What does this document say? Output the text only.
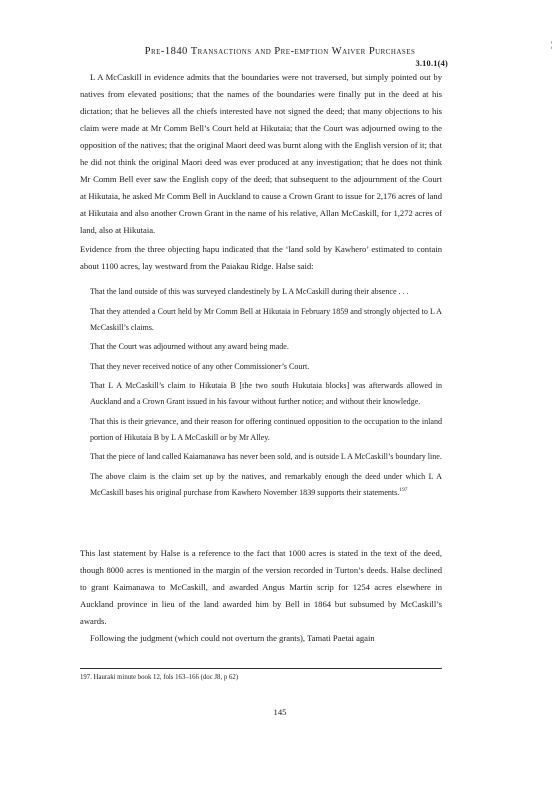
¦
Pre-1840 Transactions and Pre-emption Waiver Purchases
3.10.1(4)

L A McCaskill in evidence admits that the boundaries were not traversed, but simply pointed out by natives from elevated positions; that the names of the boundaries were finally put in the deed at his dictation; that he believes all the chiefs interested have not signed the deed; that many objections to his claim were made at Mr Comm Bell’s Court held at Hikutaia; that the Court was adjourned owing to the opposition of the natives; that the original Maori deed was burnt along with the English version of it; that he did not think the original Maori deed was ever produced at any investigation; that he does not think Mr Comm Bell ever saw the English copy of the deed; that subsequent to the adjournment of the Court at Hikutaia, he asked Mr Comm Bell in Auckland to cause a Crown Grant to issue for 2,176 acres of land at Hikutaia and also another Crown Grant in the name of his relative, Allan McCaskill, for 1,272 acres of land, also at Hikutaia.

Evidence from the three objecting hapu indicated that the ‘land sold by Kawhero’ estimated to contain about 1100 acres, lay westward from the Paiakau Ridge. Halse said:

That the land outside of this was surveyed clandestinely by L A McCaskill during their absence . . .

That they attended a Court held by Mr Comm Bell at Hikutaia in February 1859 and strongly objected to L A McCaskill’s claims.

That the Court was adjourned without any award being made.

That they never received notice of any other Commissioner’s Court.

That L A McCaskill’s claim to Hikutaia B [the two south Hukutaia blocks] was afterwards allowed in Auckland and a Crown Grant issued in his favour without further notice; and without their knowledge.

That this is their grievance, and their reason for offering continued opposition to the occupation to the inland portion of Hikutaia B by L A McCaskill or by Mr Alley.

That the piece of land called Kaiamanawa has never been sold, and is outside L A McCaskill’s boundary line.

The above claim is the claim set up by the natives, and remarkably enough the deed under which L A McCaskill bases his original purchase from Kawhero November 1839 supports their statements.$^{197}$

This last statement by Halse is a reference to the fact that 1000 acres is stated in the text of the deed, though 8000 acres is mentioned in the margin of the version recorded in Turton’s deeds. Halse declined to grant Kaimanawa to McCaskill, and awarded Angus Martin scrip for 1254 acres elsewhere in Auckland province in lieu of the land awarded him by Bell in 1864 but subsumed by McCaskill’s awards.

Following the judgment (which could not overturn the grants), Tamati Paetai again

197. Hauraki minute book 12, fols 163–166 (doc J8, p 62)
145
